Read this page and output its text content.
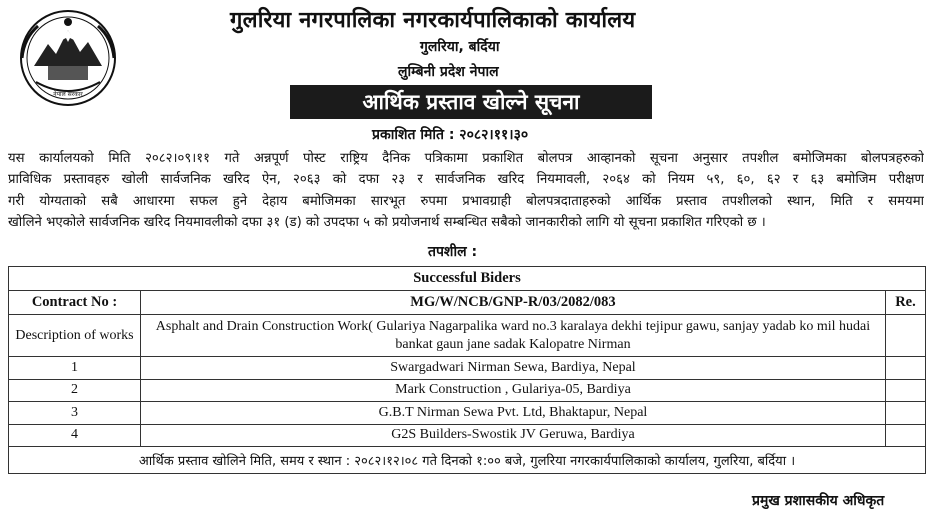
नेपाल सरकार
गुलरिया नगरपालिका नगरकार्यपालिकाको कार्यालय
गुलरिया, बर्दिया
लुम्बिनी प्रदेश नेपाल
आर्थिक प्रस्ताव खोल्ने सूचना
प्रकाशित मिति : २०८२।११।३०
यस कार्यालयको मिति २०८२।०९।११ गते अन्नपूर्ण पोस्ट राष्ट्रिय दैनिक पत्रिकामा प्रकाशित बोलपत्र आव्हानको सूचना अनुसार तपशील बमोजिमका बोलपत्रहरुको
प्राविधिक प्रस्तावहरु खोली सार्वजनिक खरिद ऐन, २०६३ को दफा २३ र सार्वजनिक खरिद नियमावली, २०६४ को नियम ५९, ६०, ६२ र ६३ बमोजिम परीक्षण
गरी योग्यताको सबै आधारमा सफल हुने देहाय बमोजिमका सारभूत रुपमा प्रभावग्राही बोलपत्रदाताहरुको आर्थिक प्रस्ताव तपशीलको स्थान, मिति र समयमा
खोलिने भएकोले सार्वजनिक खरिद नियमावलीको दफा ३१ (ड) को उपदफा ५ को प्रयोजनार्थ सम्बन्धित सबैको जानकारीको लागि यो सूचना प्रकाशित गरिएको छ ।
तपशील :
Successful Biders		
Contract No :	MG/W/NCB/GNP-R/03/2082/083	Re.
Description of works	Asphalt and Drain Construction Work( Gulariya Nagarpalika ward no.3 karalaya dekhi tejipur gawu, sanjay yadab ko mil hudai bankat gaun jane sadak Kalopatre Nirman	
1	Swargadwari Nirman Sewa, Bardiya, Nepal	
2	Mark Construction , Gulariya-05, Bardiya	
3	G.B.T Nirman Sewa Pvt. Ltd, Bhaktapur, Nepal	
4	G2S Builders-Swostik JV Geruwa, Bardiya	
आर्थिक प्रस्ताव खोलिने मिति, समय र स्थान : २०८२।१२।०८ गते दिनको १:०० बजे, गुलरिया नगरकार्यपालिकाको कार्यालय, गुलरिया, बर्दिया ।		
प्रमुख प्रशासकीय अधिकृत
